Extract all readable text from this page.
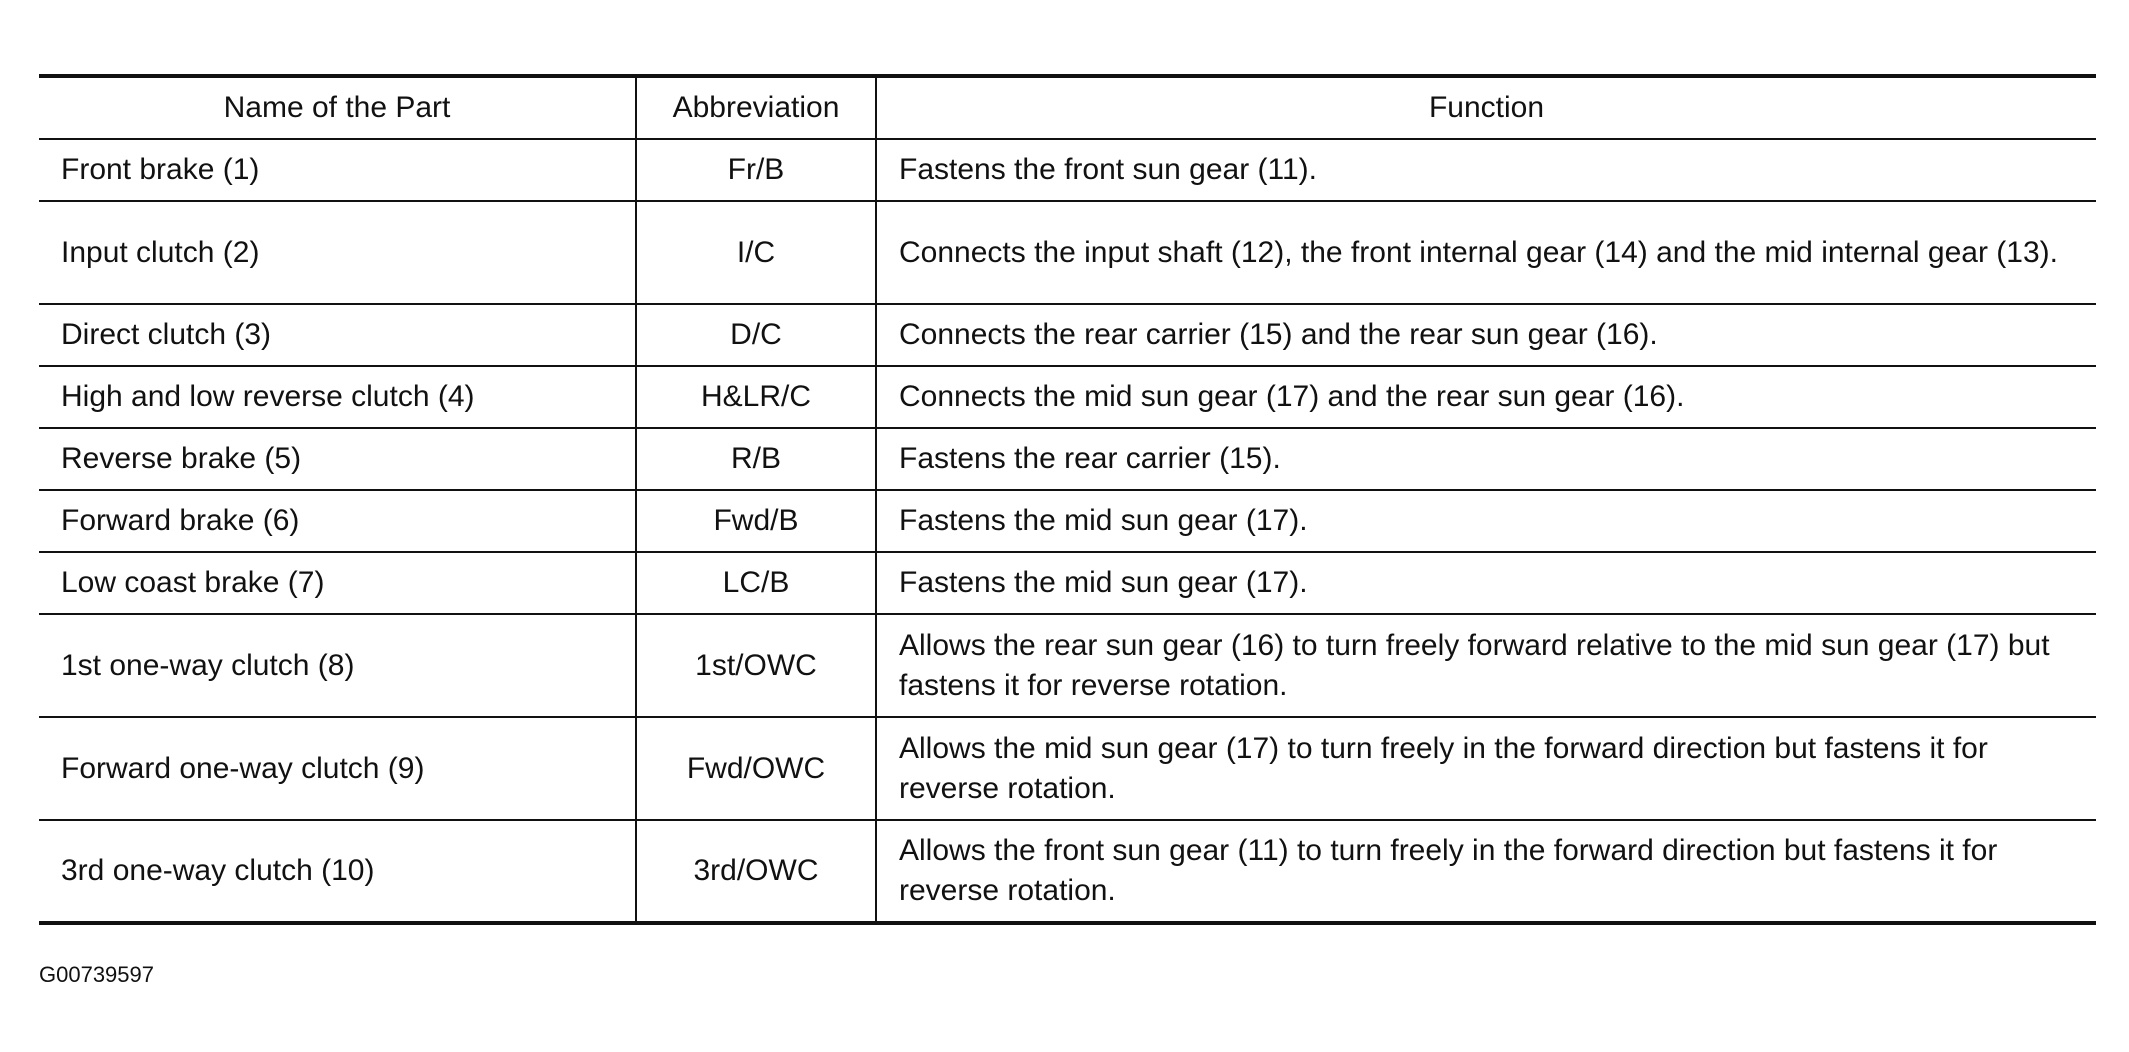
Name of the Part	Abbreviation	Function
Front brake (1)	Fr/B	Fastens the front sun gear (11).
Input clutch (2)	I/C	Connects the input shaft (12), the front internal gear (14) and the mid internal gear (13).
Direct clutch (3)	D/C	Connects the rear carrier (15) and the rear sun gear (16).
High and low reverse clutch (4)	H&LR/C	Connects the mid sun gear (17) and the rear sun gear (16).
Reverse brake (5)	R/B	Fastens the rear carrier (15).
Forward brake (6)	Fwd/B	Fastens the mid sun gear (17).
Low coast brake (7)	LC/B	Fastens the mid sun gear (17).
1st one-way clutch (8)	1st/OWC	Allows the rear sun gear (16) to turn freely forward relative to the mid sun gear (17) but fastens it for reverse rotation.
Forward one-way clutch (9)	Fwd/OWC	Allows the mid sun gear (17) to turn freely in the forward direction but fastens it for reverse rotation.
3rd one-way clutch (10)	3rd/OWC	Allows the front sun gear (11) to turn freely in the forward direction but fastens it for reverse rotation.
G00739597
